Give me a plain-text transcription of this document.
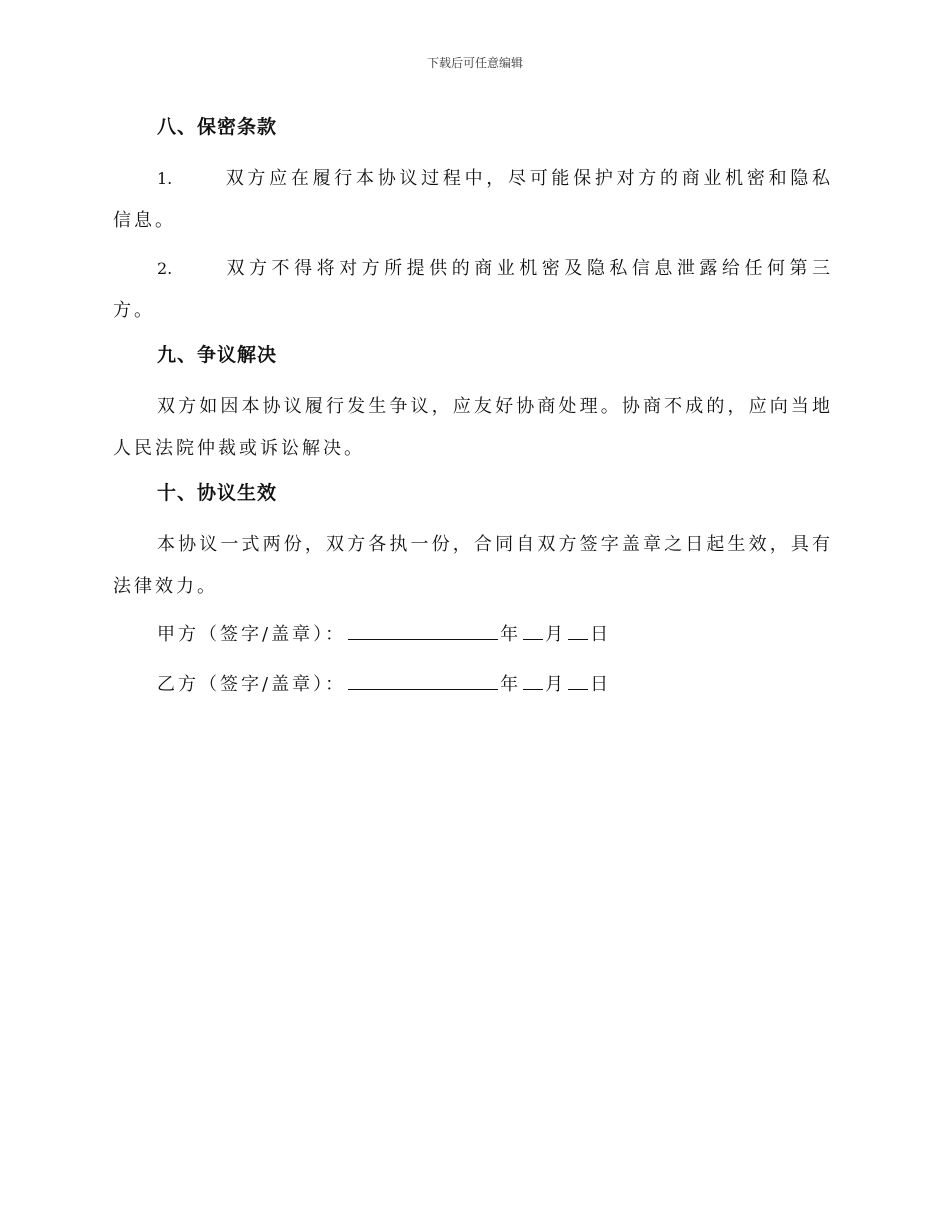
下载后可任意编辑
八、保密条款
1.	双方应在履行本协议过程中，尽可能保护对方的商业机密和隐私信息。
2.	双方不得将对方所提供的商业机密及隐私信息泄露给任何第三方。
九、争议解决
双方如因本协议履行发生争议，应友好协商处理。协商不成的，应向当地人民法院仲裁或诉讼解决。
十、协议生效
本协议一式两份，双方各执一份，合同自双方签字盖章之日起生效，具有法律效力。
甲方（签字/盖章）：	年 月 日
乙方（签字/盖章）：	年 月 日
